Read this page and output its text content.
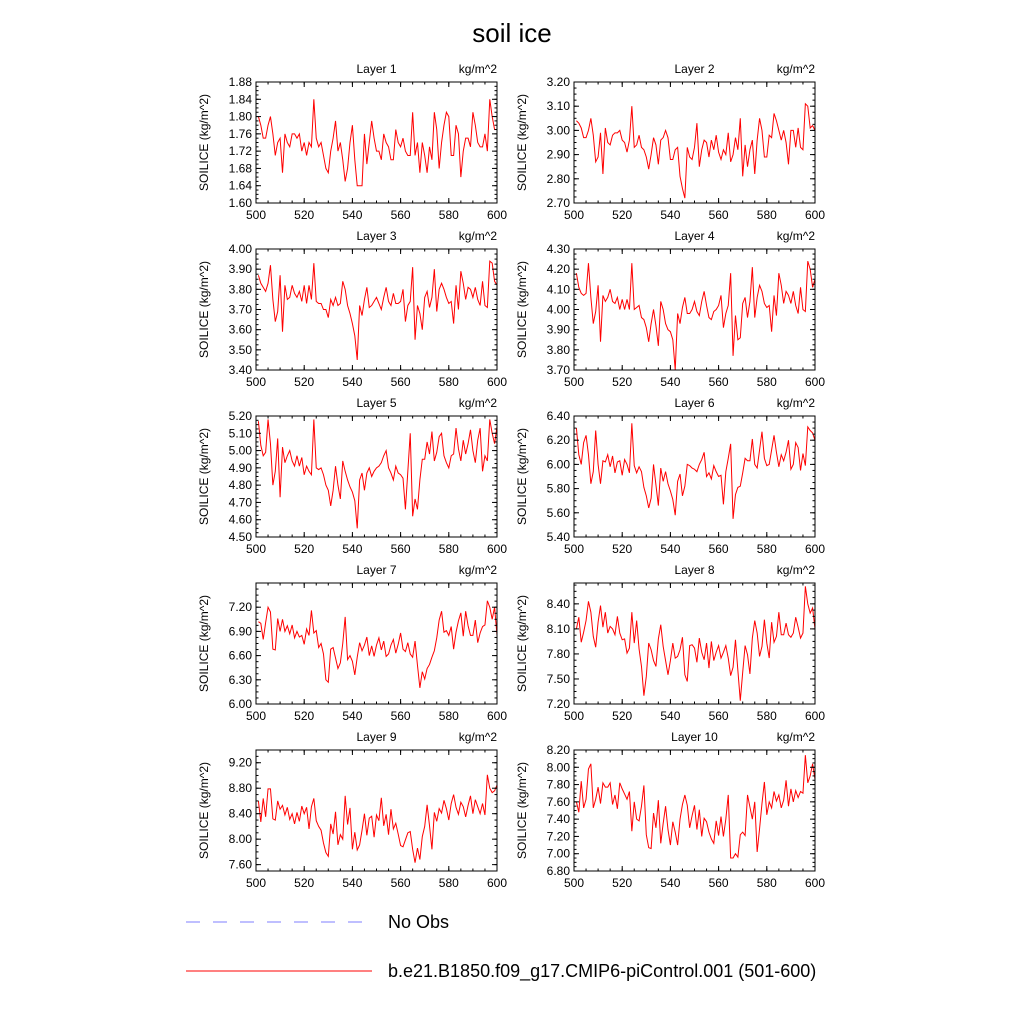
soil ice
1.60
1.64
1.68
1.72
1.76
1.80
1.84
1.88
500 520 540 560 580 600
Layer 1	kg/m^2
SOILICE (kg/m^2)
2.70
2.80
2.90
3.00
3.10
3.20
500 520 540 560 580 600
Layer 2	kg/m^2
SOILICE (kg/m^2)
3.40
3.50
3.60
3.70
3.80
3.90
4.00
500 520 540 560 580 600
Layer 3	kg/m^2
SOILICE (kg/m^2)
3.70
3.80
3.90
4.00
4.10
4.20
4.30
500 520 540 560 580 600
Layer 4	kg/m^2
SOILICE (kg/m^2)
4.50
4.60
4.70
4.80
4.90
5.00
5.10
5.20
500 520 540 560 580 600
Layer 5	kg/m^2
SOILICE (kg/m^2)
5.40
5.60
5.80
6.00
6.20
6.40
500 520 540 560 580 600
Layer 6	kg/m^2
SOILICE (kg/m^2)
6.00
6.30
6.60
6.90
7.20
500 520 540 560 580 600
Layer 7	kg/m^2
SOILICE (kg/m^2)
7.20
7.50
7.80
8.10
8.40
500 520 540 560 580 600
Layer 8	kg/m^2
SOILICE (kg/m^2)
7.60
8.00
8.40
8.80
9.20
500 520 540 560 580 600
Layer 9	kg/m^2
SOILICE (kg/m^2)
6.80
7.00
7.20
7.40
7.60
7.80
8.00
8.20
500 520 540 560 580 600
Layer 10	kg/m^2
SOILICE (kg/m^2)
No Obs
b.e21.B1850.f09_g17.CMIP6-piControl.001 (501-600)
